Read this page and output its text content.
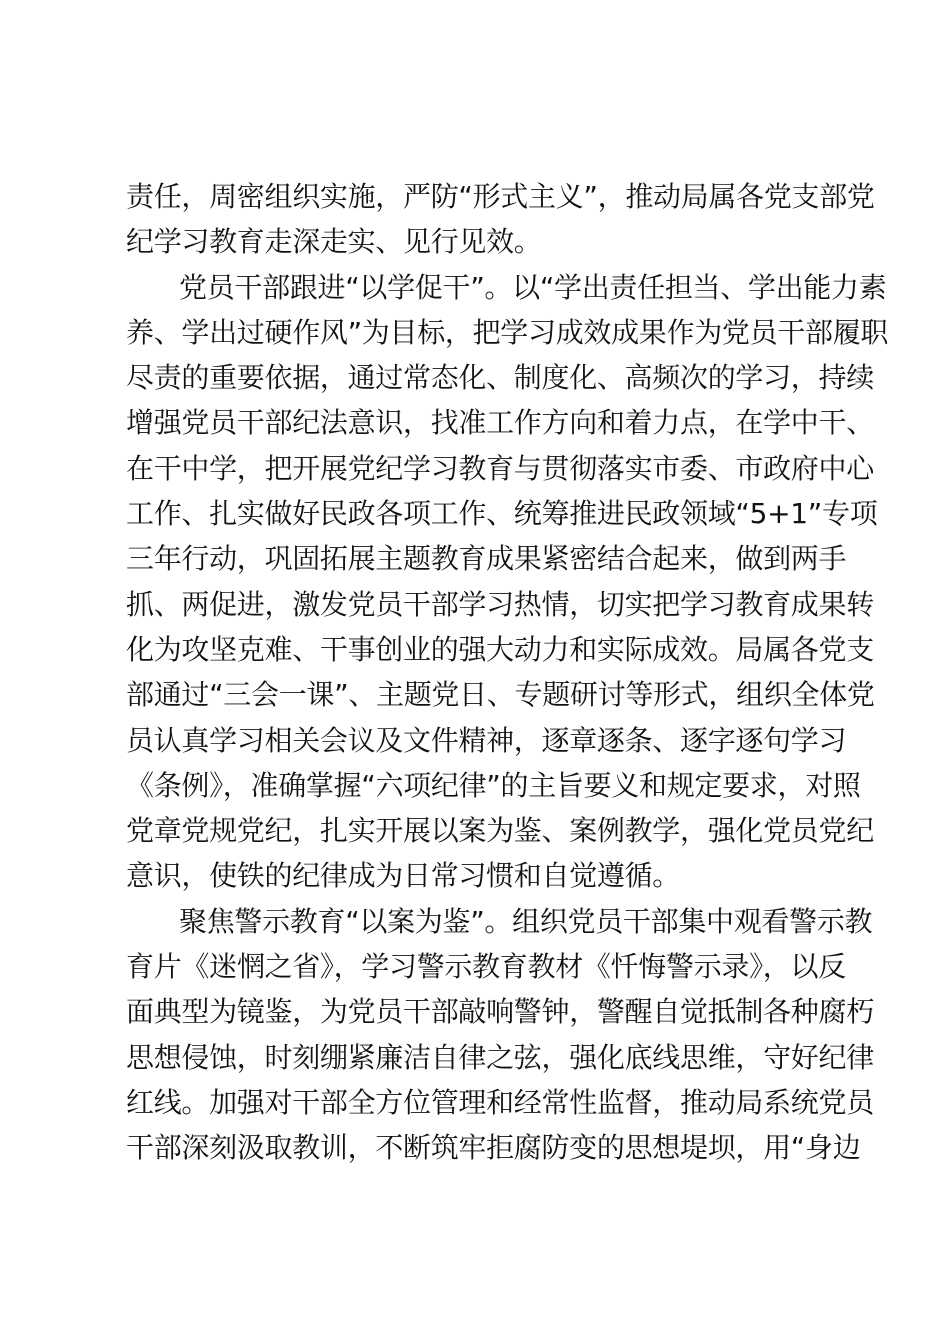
责任，周密组织实施，严防“形式主义”，推动局属各党支部党
纪学习教育走深走实、见行见效。
党员干部跟进“以学促干”。以“学出责任担当、学出能力素
养、学出过硬作风”为目标，把学习成效成果作为党员干部履职
尽责的重要依据，通过常态化、制度化、高频次的学习，持续
增强党员干部纪法意识，找准工作方向和着力点，在学中干、
在干中学，把开展党纪学习教育与贯彻落实市委、市政府中心
工作、扎实做好民政各项工作、统筹推进民政领域“5+1”专项
三年行动，巩固拓展主题教育成果紧密结合起来，做到两手
抓、两促进，激发党员干部学习热情，切实把学习教育成果转
化为攻坚克难、干事创业的强大动力和实际成效。局属各党支
部通过“三会一课”、主题党日、专题研讨等形式，组织全体党
员认真学习相关会议及文件精神，逐章逐条、逐字逐句学习
《条例》，准确掌握“六项纪律”的主旨要义和规定要求，对照
党章党规党纪，扎实开展以案为鉴、案例教学，强化党员党纪
意识，使铁的纪律成为日常习惯和自觉遵循。
聚焦警示教育“以案为鉴”。组织党员干部集中观看警示教
育片《迷惘之省》，学习警示教育教材《忏悔警示录》，以反
面典型为镜鉴，为党员干部敲响警钟，警醒自觉抵制各种腐朽
思想侵蚀，时刻绷紧廉洁自律之弦，强化底线思维，守好纪律
红线。加强对干部全方位管理和经常性监督，推动局系统党员
干部深刻汲取教训，不断筑牢拒腐防变的思想堤坝，用“身边
